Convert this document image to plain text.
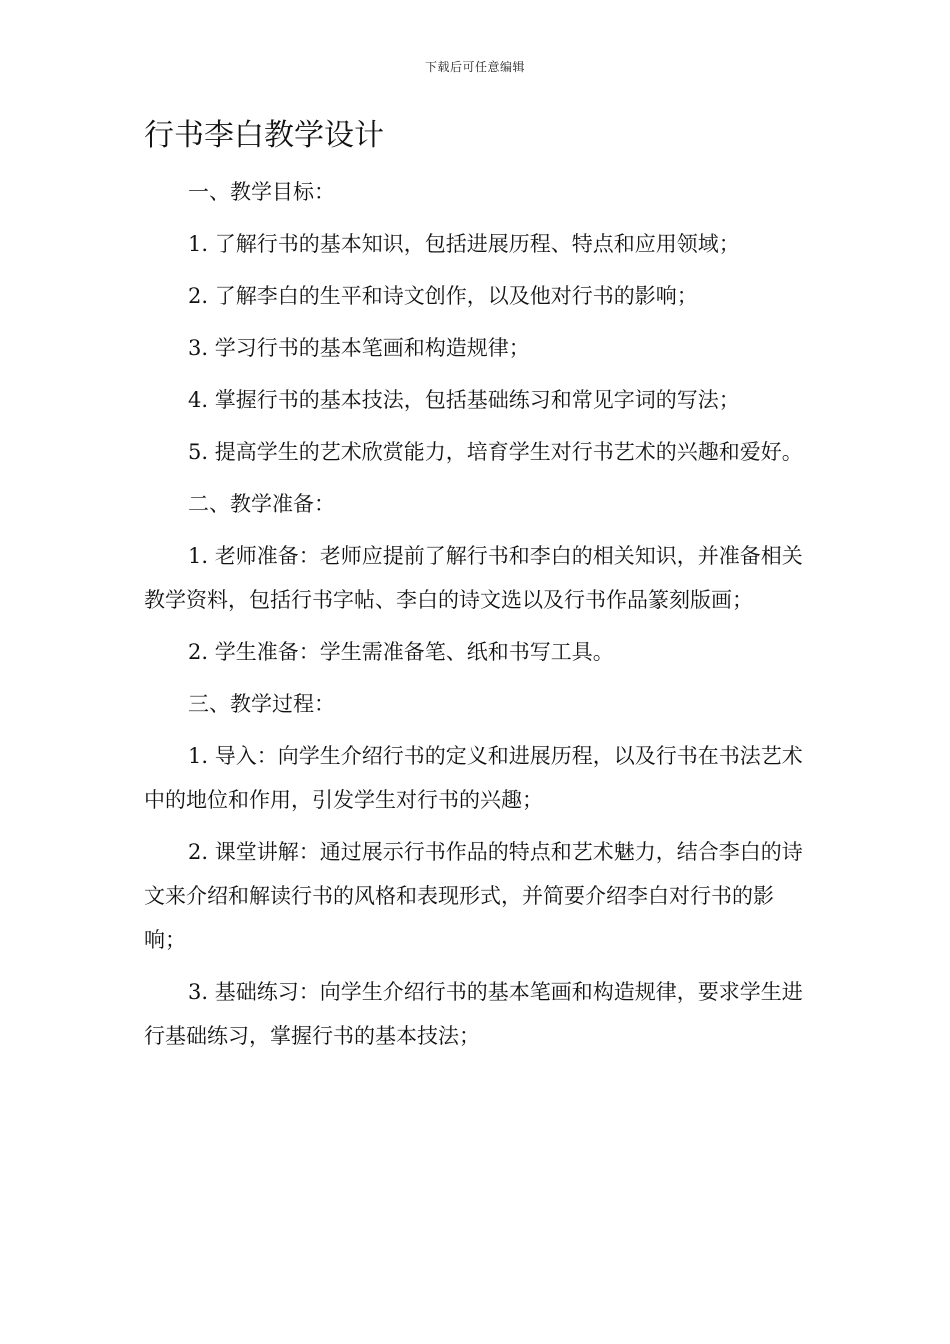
下载后可任意编辑
行书李白教学设计

一、教学目标：

1. 了解行书的基本知识，包括进展历程、特点和应用领域；

2. 了解李白的生平和诗文创作，以及他对行书的影响；

3. 学习行书的基本笔画和构造规律；

4. 掌握行书的基本技法，包括基础练习和常见字词的写法；

5. 提高学生的艺术欣赏能力，培育学生对行书艺术的兴趣和爱好。

二、教学准备：

1. 老师准备：老师应提前了解行书和李白的相关知识，并准备相关教学资料，包括行书字帖、李白的诗文选以及行书作品篆刻版画；

2. 学生准备：学生需准备笔、纸和书写工具。

三、教学过程：

1. 导入：向学生介绍行书的定义和进展历程，以及行书在书法艺术中的地位和作用，引发学生对行书的兴趣；

2. 课堂讲解：通过展示行书作品的特点和艺术魅力，结合李白的诗文来介绍和解读行书的风格和表现形式，并简要介绍李白对行书的影响；

3. 基础练习：向学生介绍行书的基本笔画和构造规律，要求学生进行基础练习，掌握行书的基本技法；
